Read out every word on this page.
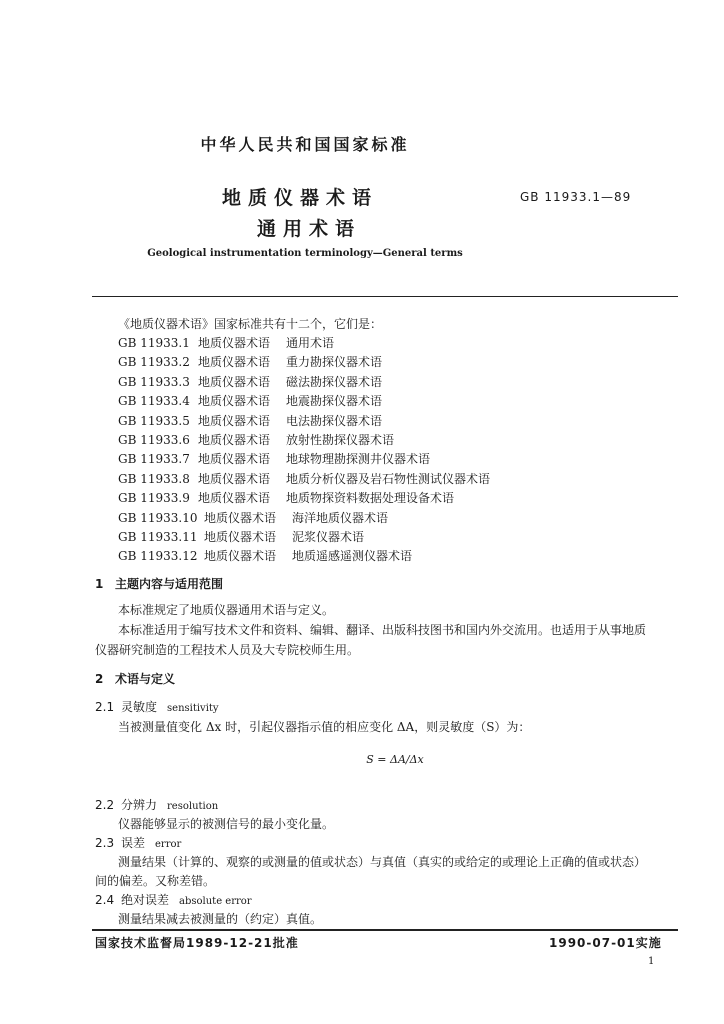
中华人民共和国国家标准
地质仪器术语
通用术语
GB 11933.1—89
Geological instrumentation terminology—General terms
《地质仪器术语》国家标准共有十二个，它们是：
GB 11933.1 地质仪器术语 通用术语
GB 11933.2 地质仪器术语 重力勘探仪器术语
GB 11933.3 地质仪器术语 磁法勘探仪器术语
GB 11933.4 地质仪器术语 地震勘探仪器术语
GB 11933.5 地质仪器术语 电法勘探仪器术语
GB 11933.6 地质仪器术语 放射性勘探仪器术语
GB 11933.7 地质仪器术语 地球物理勘探测井仪器术语
GB 11933.8 地质仪器术语 地质分析仪器及岩石物性测试仪器术语
GB 11933.9 地质仪器术语 地质物探资料数据处理设备术语
GB 11933.10 地质仪器术语 海洋地质仪器术语
GB 11933.11 地质仪器术语 泥浆仪器术语
GB 11933.12 地质仪器术语 地质遥感遥测仪器术语
1 主题内容与适用范围
本标准规定了地质仪器通用术语与定义。
本标准适用于编写技术文件和资料、编辑、翻译、出版科技图书和国内外交流用。也适用于从事地质
仪器研究制造的工程技术人员及大专院校师生用。
2 术语与定义
2.1 灵敏度 sensitivity
当被测量值变化 Δx 时，引起仪器指示值的相应变化 ΔA，则灵敏度（S）为：
S = ΔA/Δx
2.2 分辨力 resolution
仪器能够显示的被测信号的最小变化量。
2.3 误差 error
测量结果（计算的、观察的或测量的值或状态）与真值（真实的或给定的或理论上正确的值或状态）
间的偏差。又称差错。
2.4 绝对误差 absolute error
测量结果减去被测量的（约定）真值。
国家技术监督局1989-12-21批准	1990-07-01实施
1
